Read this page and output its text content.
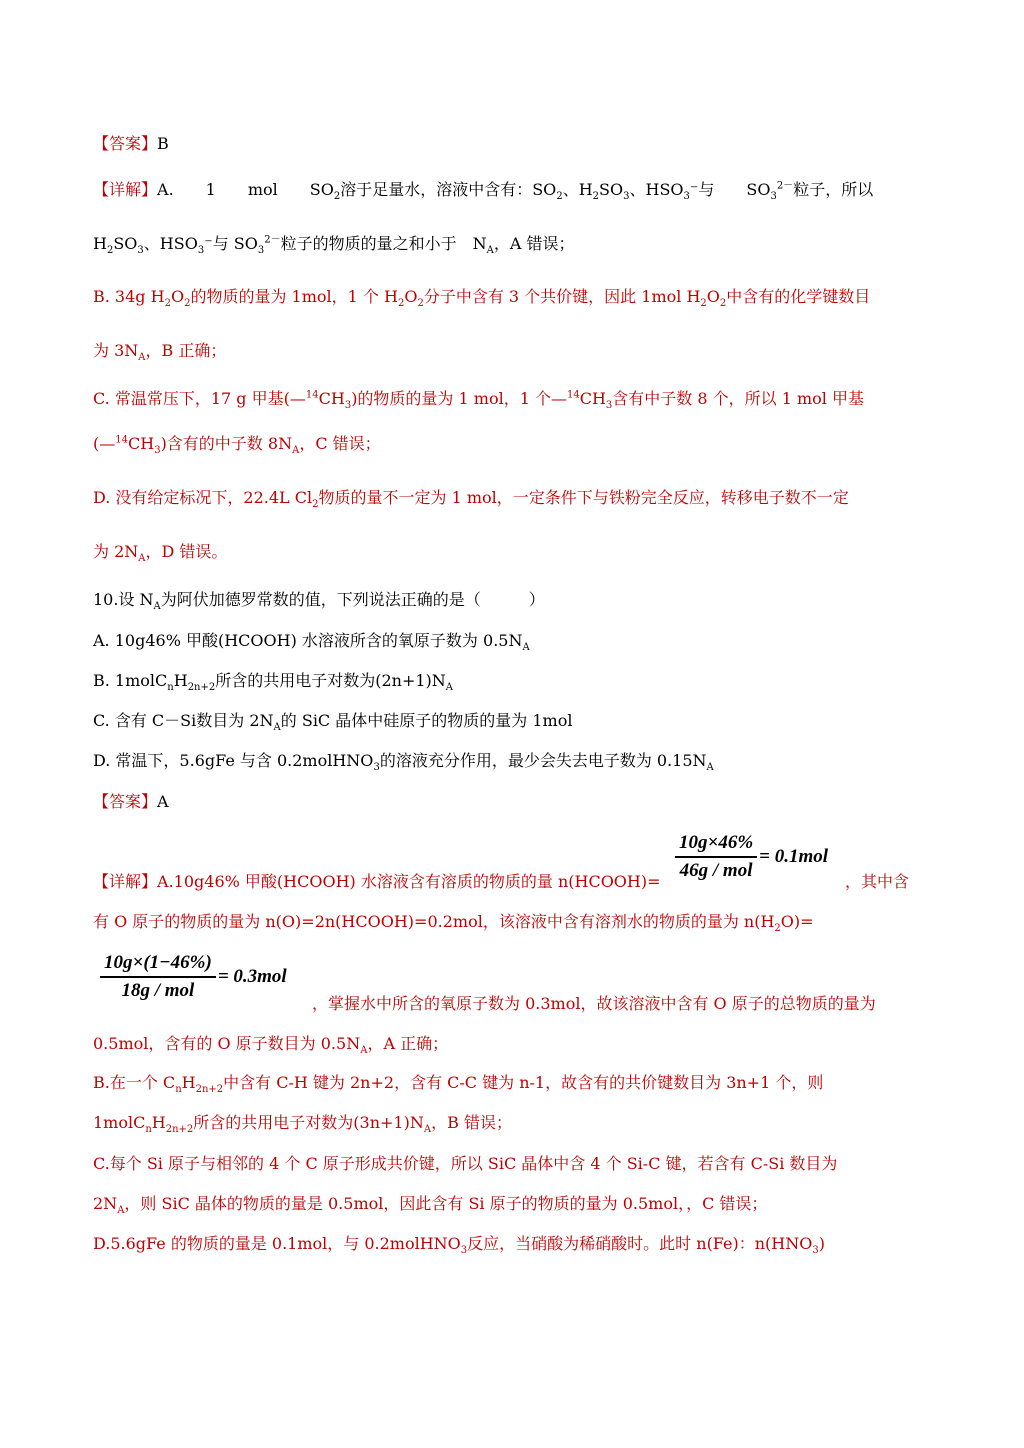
【答案】B
【详解】A.　　1　　mol　　$SO_2$溶于足量水，溶液中含有：$SO_2$、$H_2SO_3$、$HSO_3^-$与　　$SO_3^{2-}$粒子，所以
$H_2SO_3$、$HSO_3^-$与 $SO_3^{2-}$粒子的物质的量之和小于　$N_A$，A 错误；
B. 34g $H_2O_2$的物质的量为 1mol，1 个 $H_2O_2$分子中含有 3 个共价键，因此 1mol $H_2O_2$中含有的化学键数目
为 $3N_A$，B 正确；
C. 常温常压下，17 g 甲基$(—^{14}CH_3)$的物质的量为 1 mol，1 个$—^{14}CH_3$含有中子数 8 个，所以 1 mol 甲基
$(—^{14}CH_3)$含有的中子数 $8N_A$，C 错误；
D. 没有给定标况下，22.4L $Cl_2$物质的量不一定为 1 mol，一定条件下与铁粉完全反应，转移电子数不一定
为 $2N_A$，D 错误。
10.设 $N_A$为阿伏加德罗常数的值，下列说法正确的是（　　　）
A. 10g46% 甲酸(HCOOH) 水溶液所含的氧原子数为 $0.5N_A$
B. $1molC_nH_{2n+2}$所含的共用电子对数为$(2n+1)N_A$
C. 含有 C－Si数目为 $2N_A$的 SiC 晶体中硅原子的物质的量为 1mol
D. 常温下，5.6gFe 与含 0.2molHNO$_3$的溶液充分作用，最少会失去电子数为 $0.15N_A$
【答案】A
【详解】A.10g46% 甲酸(HCOOH) 水溶液含有溶质的物质的量 n(HCOOH)=	，其中含
$\frac{10g\times 46\%}{\text{46g / mol}} = 0.1mol$
有 O 原子的物质的量为 n(O)=2n(HCOOH)=0.2mol，该溶液中含有溶剂水的物质的量为 $n(H_2O)=$
$\frac{10g\times(1-46\%)}{\text{18g / mol}} = 0.3mol$
，掌握水中所含的氧原子数为 0.3mol，故该溶液中含有 O 原子的总物质的量为
0.5mol，含有的 O 原子数目为 $0.5N_A$，A 正确；
B.在一个 $C_nH_{2n+2}$中含有 C-H 键为 2n+2，含有 C-C 键为 n-1，故含有的共价键数目为 3n+1 个，则
$1molC_nH_{2n+2}$所含的共用电子对数为$(3n+1)N_A$，B 错误；
C.每个 Si 原子与相邻的 4 个 C 原子形成共价键，所以 SiC 晶体中含 4 个 Si-C 键，若含有 C-Si 数目为
$2N_A$，则 SiC 晶体的物质的量是 0.5mol，因此含有 Si 原子的物质的量为 0.5mol，，C 错误；
D.5.6gFe 的物质的量是 0.1mol，与 0.2molHNO$_3$反应，当硝酸为稀硝酸时。此时 n(Fe)：$n(HNO_3)$
